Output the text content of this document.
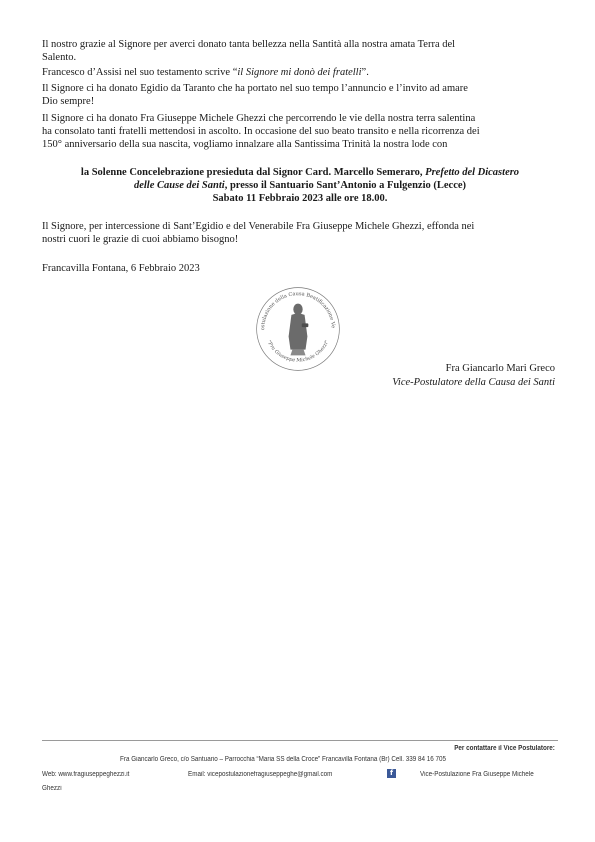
Il nostro grazie al Signore per averci donato tanta bellezza nella Santità alla nostra amata Terra del
Salento.

Francesco d’Assisi nel suo testamento scrive “il Signore mi donò dei fratelli”.

Il Signore ci ha donato Egidio da Taranto che ha portato nel suo tempo l’annuncio e l’invito ad amare
Dio sempre!

Il Signore ci ha donato Fra Giuseppe Michele Ghezzi che percorrendo le vie della nostra terra salentina
ha consolato tanti fratelli mettendosi in ascolto. In occasione del suo beato transito e nella ricorrenza dei
150° anniversario della sua nascita, vogliamo innalzare alla Santissima Trinità la nostra lode con

la Solenne Concelebrazione presieduta dal Signor Card. Marcello Semeraro, Prefetto del Dicastero
delle Cause dei Santi, presso il Santuario Sant’Antonio a Fulgenzio (Lecce)
Sabato 11 Febbraio 2023 alle ore 18.00.

Il Signore, per intercessione di Sant’Egidio e del Venerabile Fra Giuseppe Michele Ghezzi, effonda nei
nostri cuori le grazie di cuoi abbiamo bisogno!

Francavilla Fontana, 6 Febbraio 2023
ostulazione della Causa Beatificazione Ve
"Fra Giuseppe Michele Ghezzi"
Fra Giancarlo Mari Greco
Vice-Postulatore della Causa dei Santi
Per contattare il Vice Postulatore:
Fra Giancarlo Greco, c/o Santuario – Parrocchia “Maria SS della Croce” Francavilla Fontana (Br) Cell. 339 84 16 705
Web: www.fragiuseppeghezzi.it	Email: vicepostulazionefragiuseppeghe@gmail.com	f	Vice-Postulazione Fra Giuseppe Michele
Ghezzi
